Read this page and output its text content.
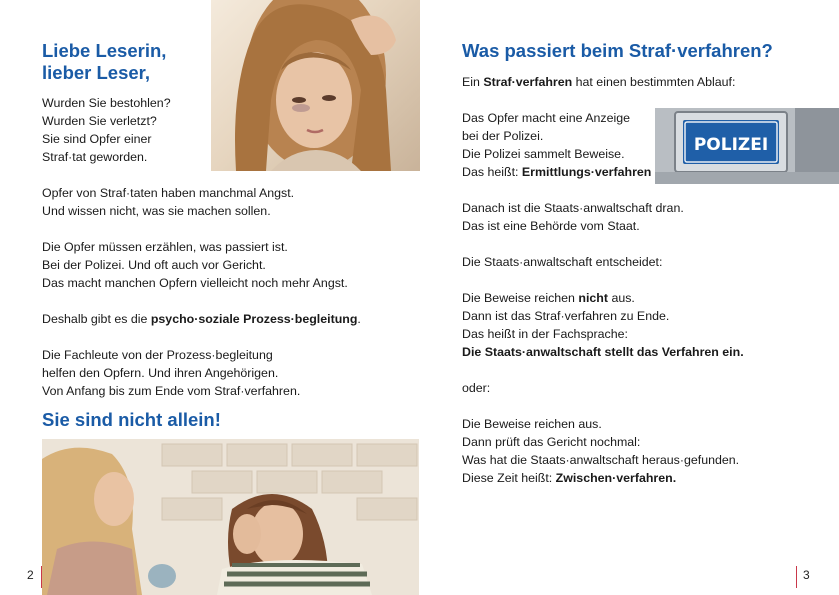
Liebe Leserin,
lieber Leser,
Wurden Sie bestohlen?
Wurden Sie verletzt?
Sie sind Opfer einer
Straf·tat geworden.
Opfer von Straf·taten haben manchmal Angst.
Und wissen nicht, was sie machen sollen.
Die Opfer müssen erzählen, was passiert ist.
Bei der Polizei. Und oft auch vor Gericht.
Das macht manchen Opfern vielleicht noch mehr Angst.
Deshalb gibt es die psycho·soziale Prozess·begleitung.
Die Fachleute von der Prozess·begleitung
helfen den Opfern. Und ihren Angehörigen.
Von Anfang bis zum Ende vom Straf·verfahren.
Sie sind nicht allein!
2
Was passiert beim Straf·verfahren?
Ein Straf·verfahren hat einen bestimmten Ablauf:
Das Opfer macht eine Anzeige
bei der Polizei.
Die Polizei sammelt Beweise.
Das heißt: Ermittlungs·verfahren
POLIZEI
Danach ist die Staats·anwaltschaft dran.
Das ist eine Behörde vom Staat.
Die Staats·anwaltschaft entscheidet:
Die Beweise reichen nicht aus.
Dann ist das Straf·verfahren zu Ende.
Das heißt in der Fachsprache:
Die Staats·anwaltschaft stellt das Verfahren ein.
oder:
Die Beweise reichen aus.
Dann prüft das Gericht nochmal:
Was hat die Staats·anwaltschaft heraus·gefunden.
Diese Zeit heißt: Zwischen·verfahren.
3
